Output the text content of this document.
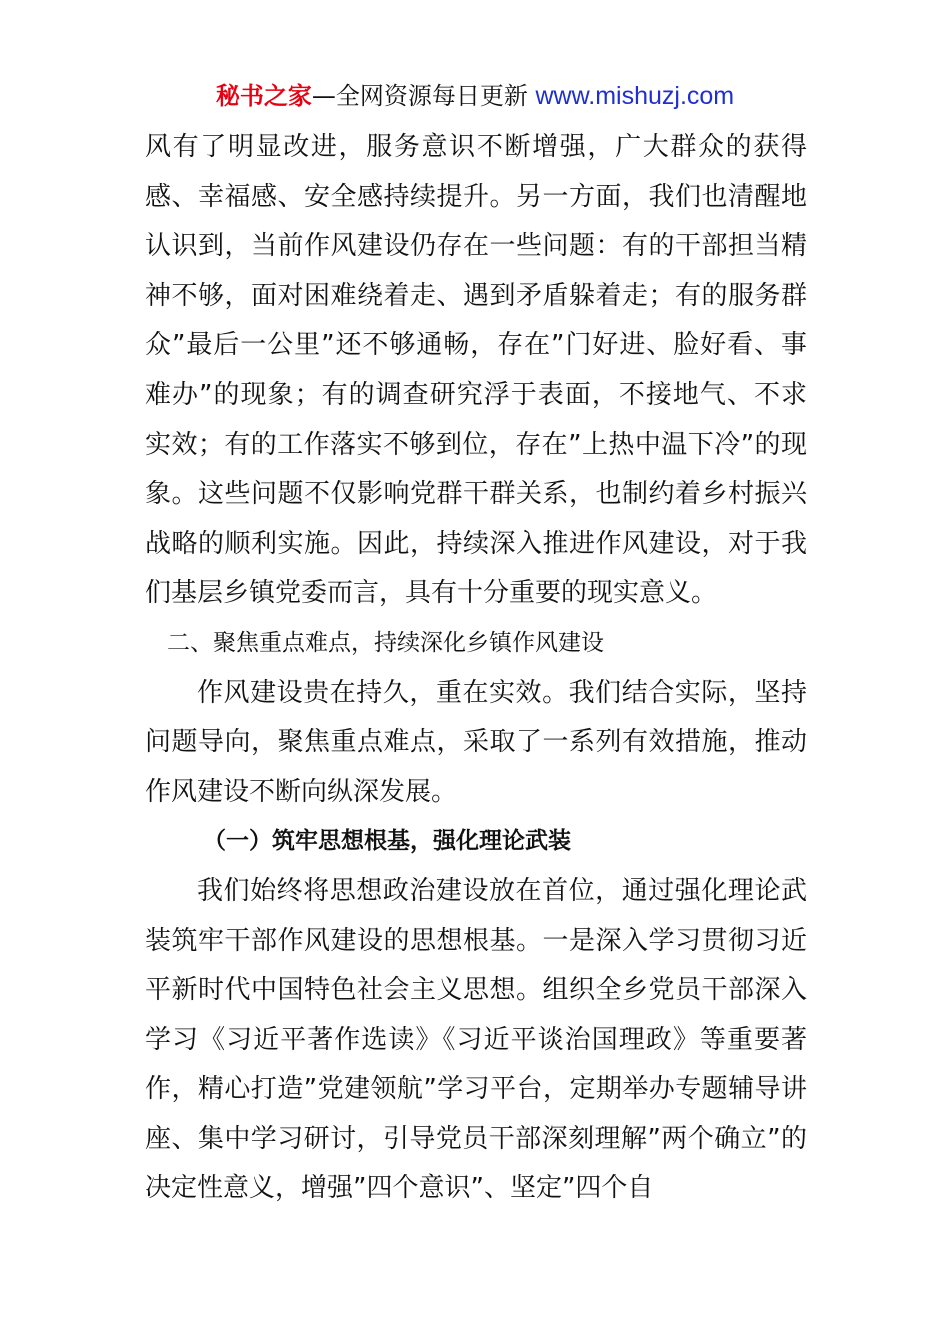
秘书之家—全网资源每日更新 www.mishuzj.com

风有了明显改进，服务意识不断增强，广大群众的获得感、幸福感、安全感持续提升。另一方面，我们也清醒地认识到，当前作风建设仍存在一些问题：有的干部担当精神不够，面对困难绕着走、遇到矛盾躲着走；有的服务群众”最后一公里”还不够通畅，存在”门好进、脸好看、事难办”的现象；有的调查研究浮于表面，不接地气、不求实效；有的工作落实不够到位，存在”上热中温下冷”的现象。这些问题不仅影响党群干群关系，也制约着乡村振兴战略的顺利实施。因此，持续深入推进作风建设，对于我们基层乡镇党委而言，具有十分重要的现实意义。

二、聚焦重点难点，持续深化乡镇作风建设

作风建设贵在持久，重在实效。我们结合实际，坚持问题导向，聚焦重点难点，采取了一系列有效措施，推动作风建设不断向纵深发展。

（一）筑牢思想根基，强化理论武装

我们始终将思想政治建设放在首位，通过强化理论武装筑牢干部作风建设的思想根基。一是深入学习贯彻习近平新时代中国特色社会主义思想。组织全乡党员干部深入学习《习近平著作选读》《习近平谈治国理政》等重要著作，精心打造”党建领航”学习平台，定期举办专题辅导讲座、集中学习研讨，引导党员干部深刻理解”两个确立”的决定性意义，增强”四个意识”、坚定”四个自
